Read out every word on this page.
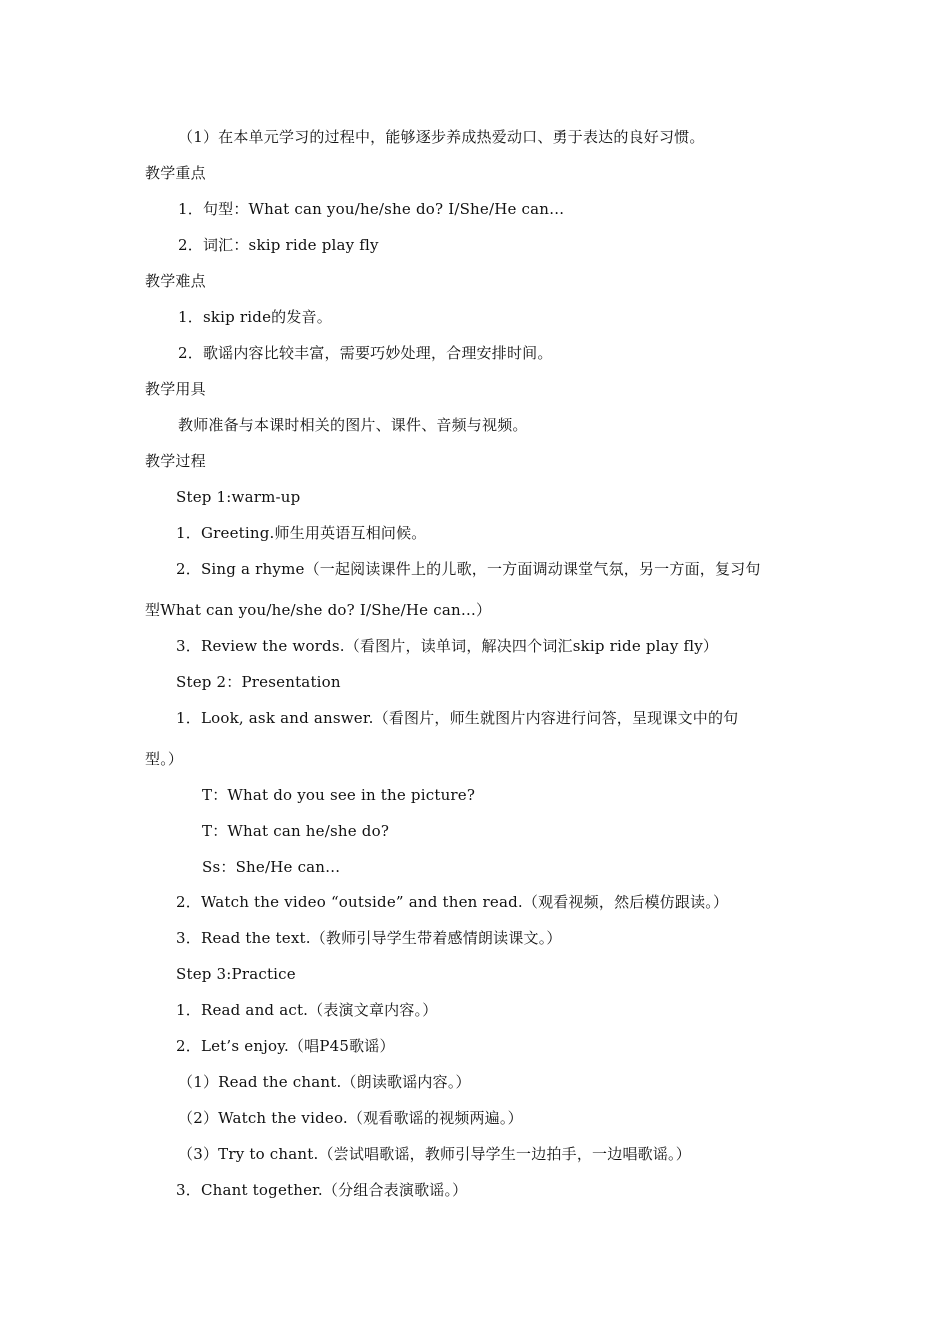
（1）在本单元学习的过程中，能够逐步养成热爱动口、勇于表达的良好习惯。
教学重点
1．句型：What can you/he/she do? I/She/He can…
2．词汇：skip ride play fly
教学难点
1．skip ride的发音。
2．歌谣内容比较丰富，需要巧妙处理，合理安排时间。
教学用具
教师准备与本课时相关的图片、课件、音频与视频。
教学过程
Step 1:warm-up
1．Greeting.师生用英语互相问候。
2．Sing a rhyme（一起阅读课件上的儿歌，一方面调动课堂气氛，另一方面，复习句
型What can you/he/she do? I/She/He can…）
3．Review the words.（看图片，读单词，解决四个词汇skip ride play fly）
Step 2：Presentation
1．Look, ask and answer.（看图片，师生就图片内容进行问答，呈现课文中的句
型。）
T：What do you see in the picture?
T：What can he/she do?
Ss：She/He can…
2．Watch the video “outside” and then read.（观看视频，然后模仿跟读。）
3．Read the text.（教师引导学生带着感情朗读课文。）
Step 3:Practice
1．Read and act.（表演文章内容。）
2．Let’s enjoy.（唱P45歌谣）
（1）Read the chant.（朗读歌谣内容。）
（2）Watch the video.（观看歌谣的视频两遍。）
（3）Try to chant.（尝试唱歌谣，教师引导学生一边拍手，一边唱歌谣。）
3．Chant together.（分组合表演歌谣。）
